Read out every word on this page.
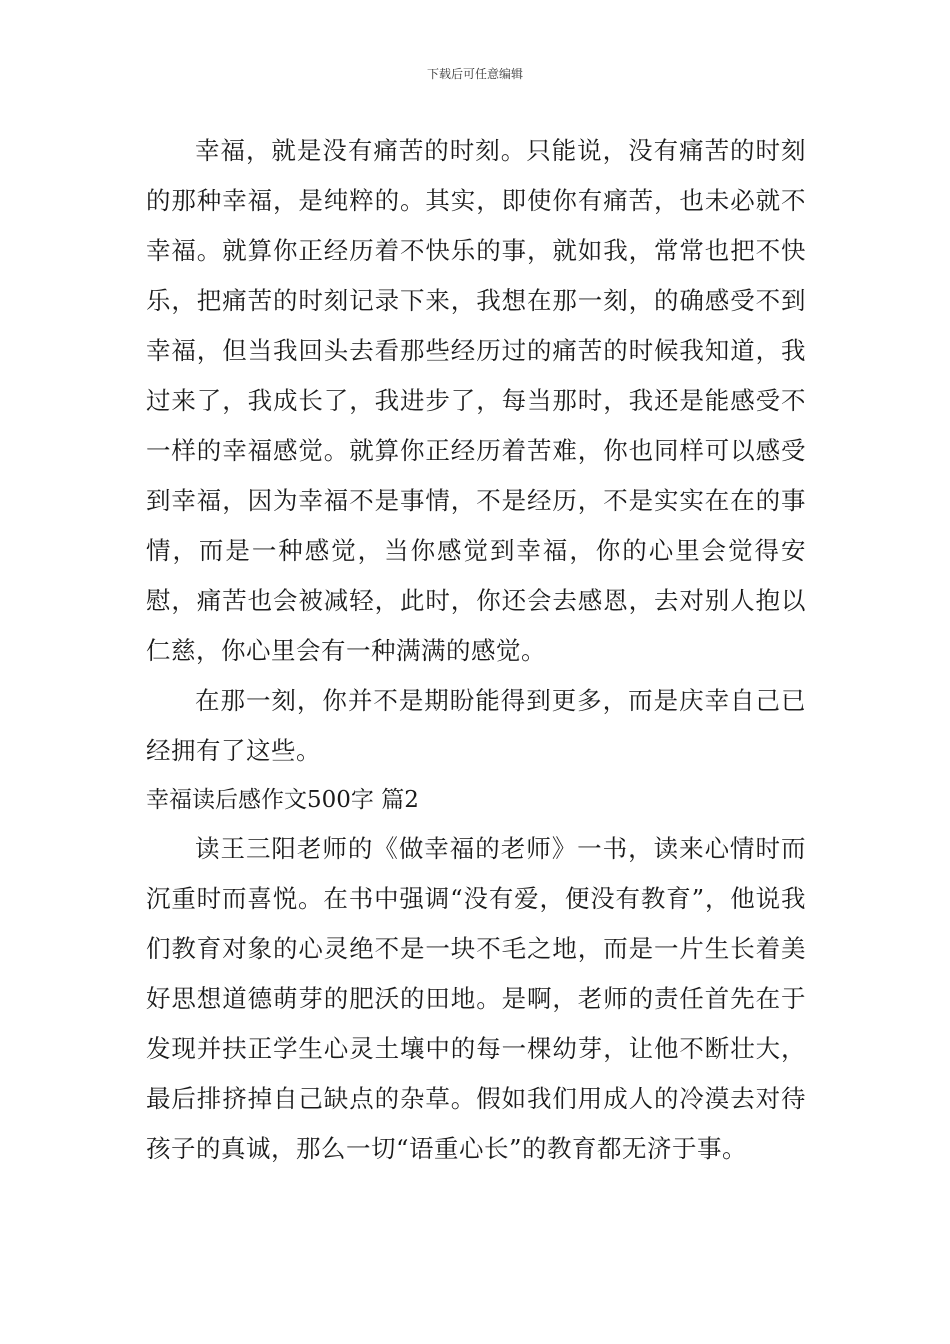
下载后可任意编辑

幸福，就是没有痛苦的时刻。只能说，没有痛苦的时刻的那种幸福，是纯粹的。其实，即使你有痛苦，也未必就不幸福。就算你正经历着不快乐的事，就如我，常常也把不快乐，把痛苦的时刻记录下来，我想在那一刻，的确感受不到幸福，但当我回头去看那些经历过的痛苦的时候我知道，我过来了，我成长了，我进步了，每当那时，我还是能感受不一样的幸福感觉。就算你正经历着苦难，你也同样可以感受到幸福，因为幸福不是事情，不是经历，不是实实在在的事情，而是一种感觉，当你感觉到幸福，你的心里会觉得安慰，痛苦也会被减轻，此时，你还会去感恩，去对别人抱以仁慈，你心里会有一种满满的感觉。

在那一刻，你并不是期盼能得到更多，而是庆幸自己已经拥有了这些。

幸福读后感作文500字 篇2

读王三阳老师的《做幸福的老师》一书，读来心情时而沉重时而喜悦。在书中强调“没有爱，便没有教育”，他说我们教育对象的心灵绝不是一块不毛之地，而是一片生长着美好思想道德萌芽的肥沃的田地。是啊，老师的责任首先在于发现并扶正学生心灵土壤中的每一棵幼芽，让他不断壮大，最后排挤掉自己缺点的杂草。假如我们用成人的冷漠去对待孩子的真诚，那么一切“语重心长”的教育都无济于事。
